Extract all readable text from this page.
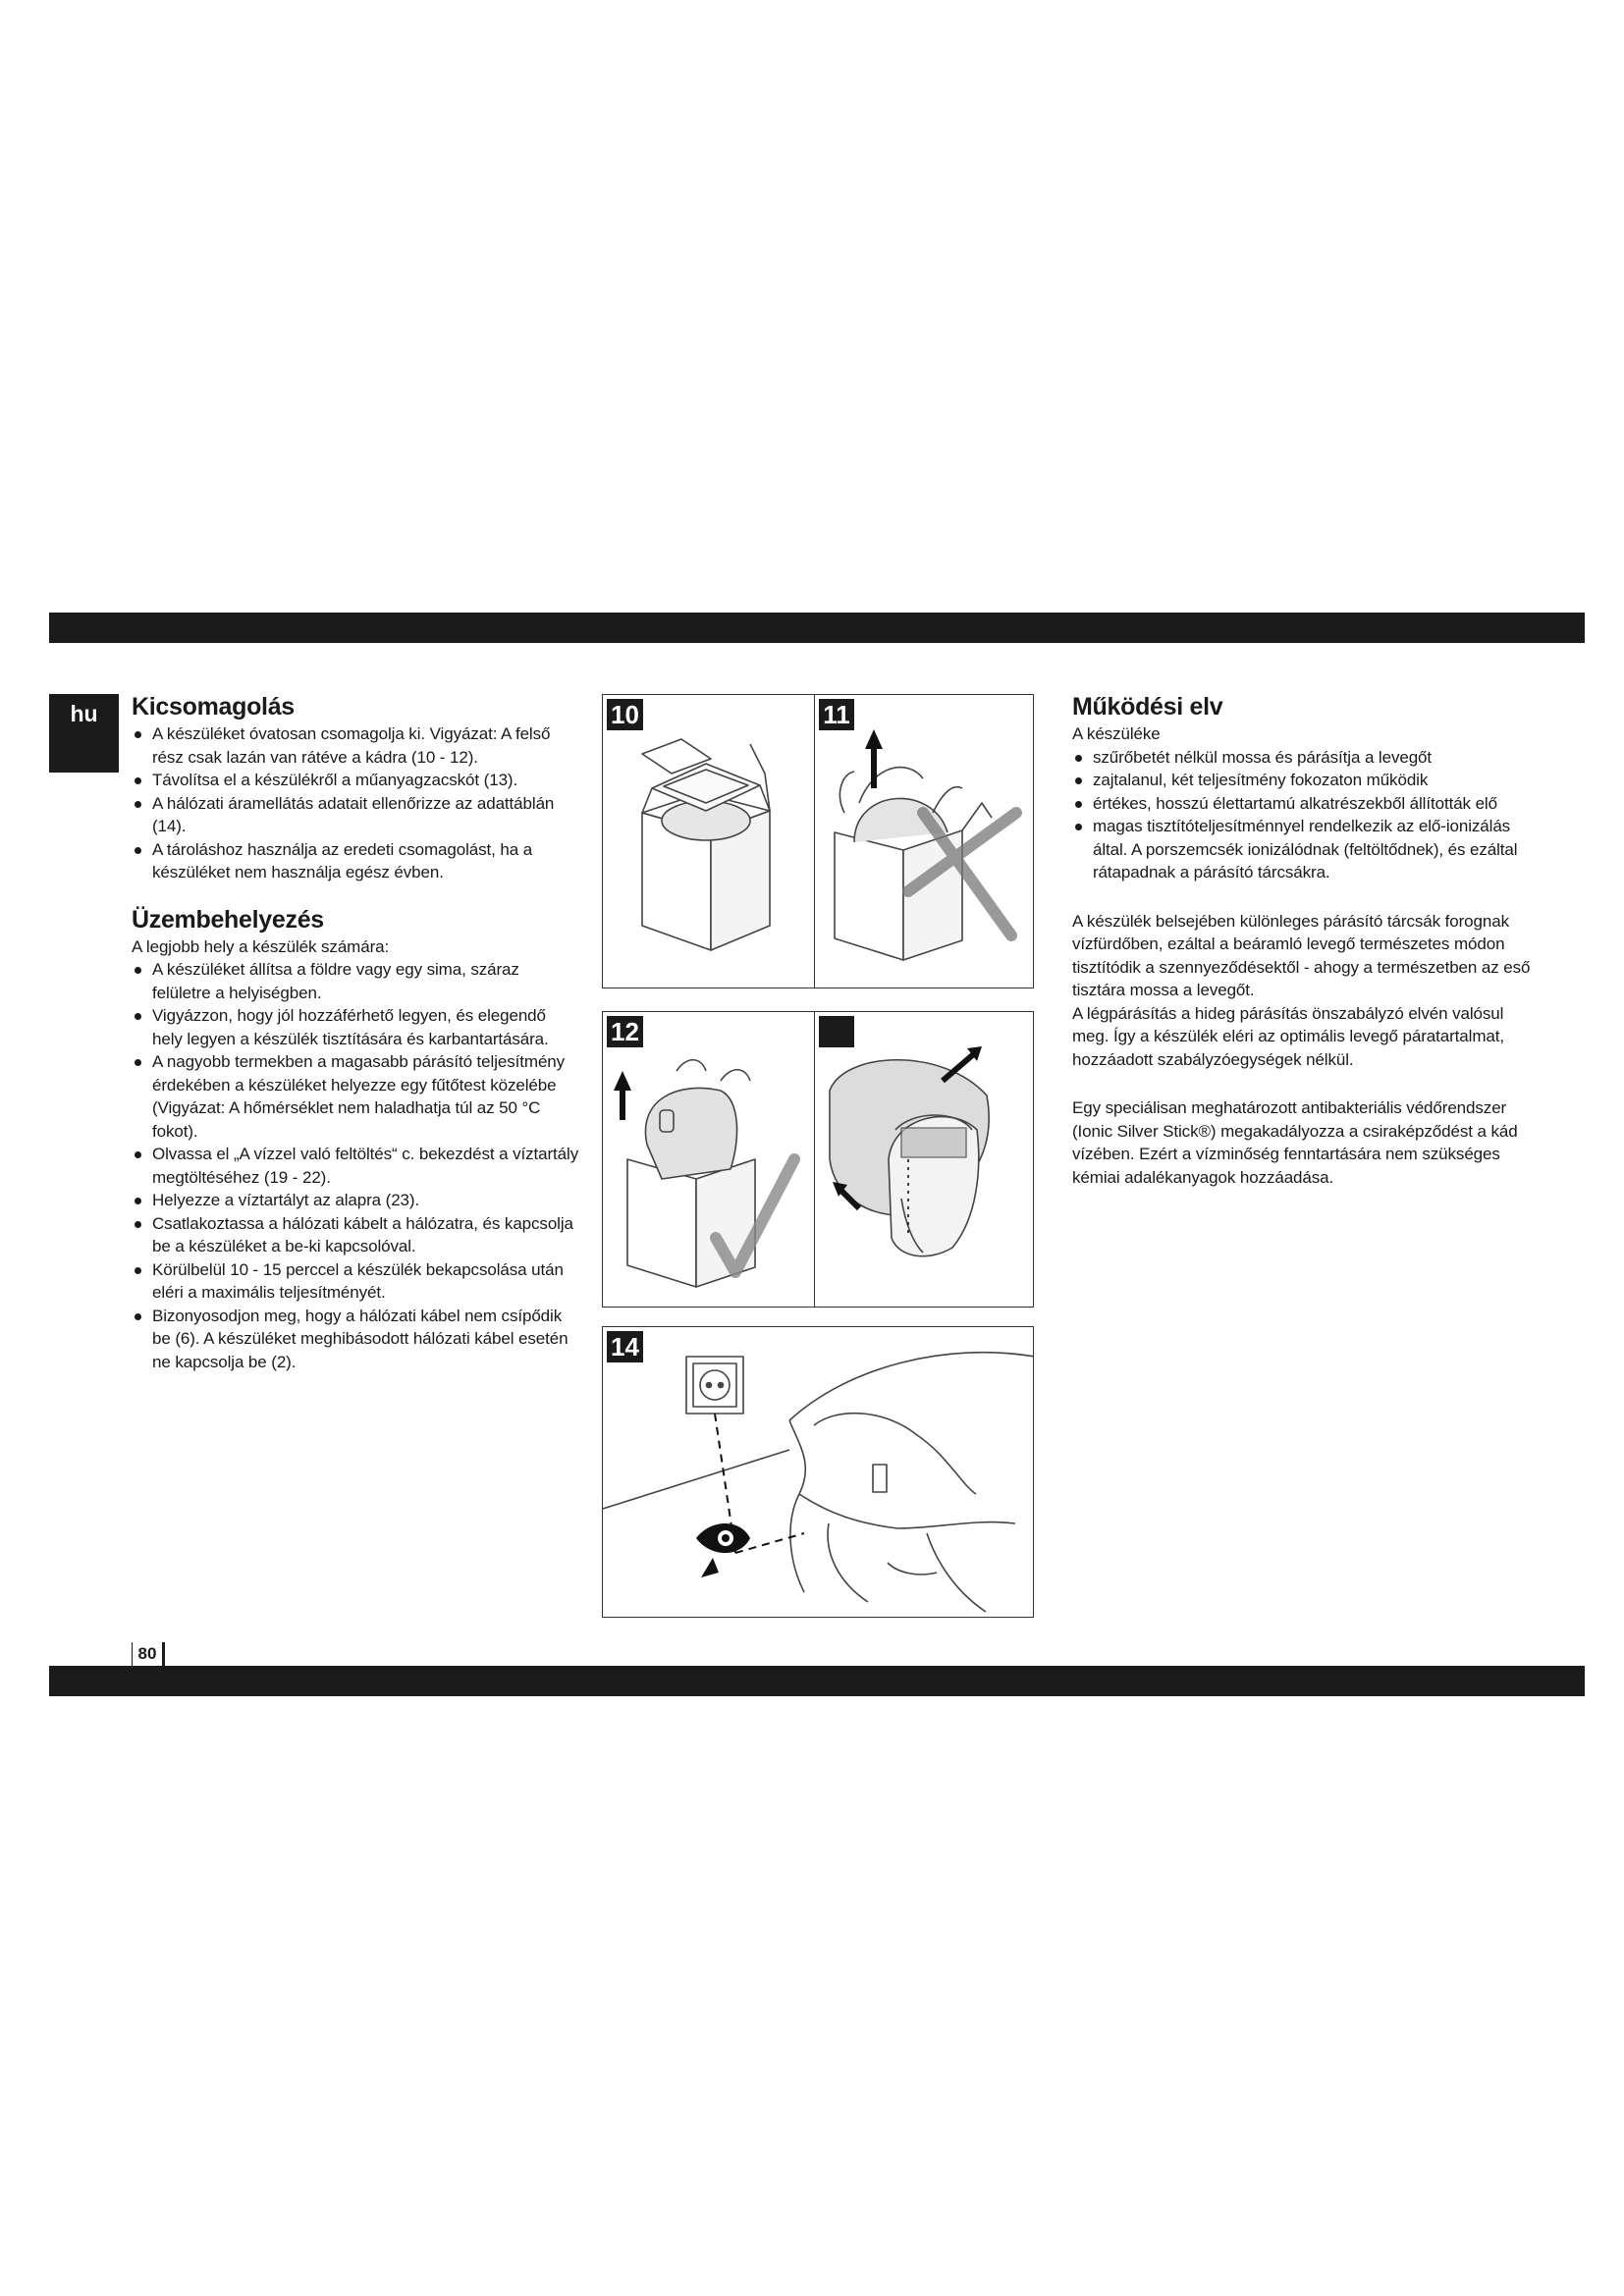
hu	Kicsomagolás
A készüléket óvatosan csomagolja ki. Vigyázat: A felső rész csak lazán van rátéve a kádra (10 - 12).
Távolítsa el a készülékről a műanyagzacskót (13).
A hálózati áramellátás adatait ellenőrizze az adattáblán (14).
A tároláshoz használja az eredeti csomagolást, ha a készüléket nem használja egész évben.
Üzembehelyezés

A legjobb hely a készülék számára:

A készüléket állítsa a földre vagy egy sima, száraz felületre a helyiségben.
Vigyázzon, hogy jól hozzáférhető legyen, és elegendő hely legyen a készülék tisztítására és karbantartására.
A nagyobb termekben a magasabb párásító teljesítmény érdekében a készüléket helyezze egy fűtőtest közelébe (Vigyázat: A hőmérséklet nem haladhatja túl az 50 °C fokot).
Olvassa el „A vízzel való feltöltés“ c. bekezdést a víztartály megtöltéséhez (19 - 22).
Helyezze a víztartályt az alapra (23).
Csatlakoztassa a hálózati kábelt a hálózatra, és kapcsolja be a készüléket a be-ki kapcsolóval.
Körülbelül 10 - 15 perccel a készülék bekapcsolása után eléri a maximális teljesítményét.
Bizonyosodjon meg, hogy a hálózati kábel nem csípődik be (6). A készüléket meghibásodott hálózati kábel esetén ne kapcsolja be (2).
10	11
12
14
Működési elv

A készüléke

szűrőbetét nélkül mossa és párásítja a levegőt
zajtalanul, két teljesítmény fokozaton működik
értékes, hosszú élettartamú alkatrészekből állították elő
magas tisztítóteljesítménnyel rendelkezik az elő-ionizálás által. A porszemcsék ionizálódnak (feltöltődnek), és ezáltal rátapadnak a párásító tárcsákra.

A készülék belsejében különleges párásító tárcsák forognak vízfürdőben, ezáltal a beáramló levegő természetes módon tisztítódik a szennyeződésektől - ahogy a természetben az eső tisztára mossa a levegőt.

A légpárásítás a hideg párásítás önszabályzó elvén valósul meg. Így a készülék eléri az optimális levegő páratartalmat, hozzáadott szabályzóegységek nélkül.

Egy speciálisan meghatározott antibakteriális védőrendszer (Ionic Silver Stick®) megakadályozza a csiraképződést a kád vízében. Ezért a vízminőség fenntartására nem szükséges kémiai adalékanyagok hozzáadása.

80
